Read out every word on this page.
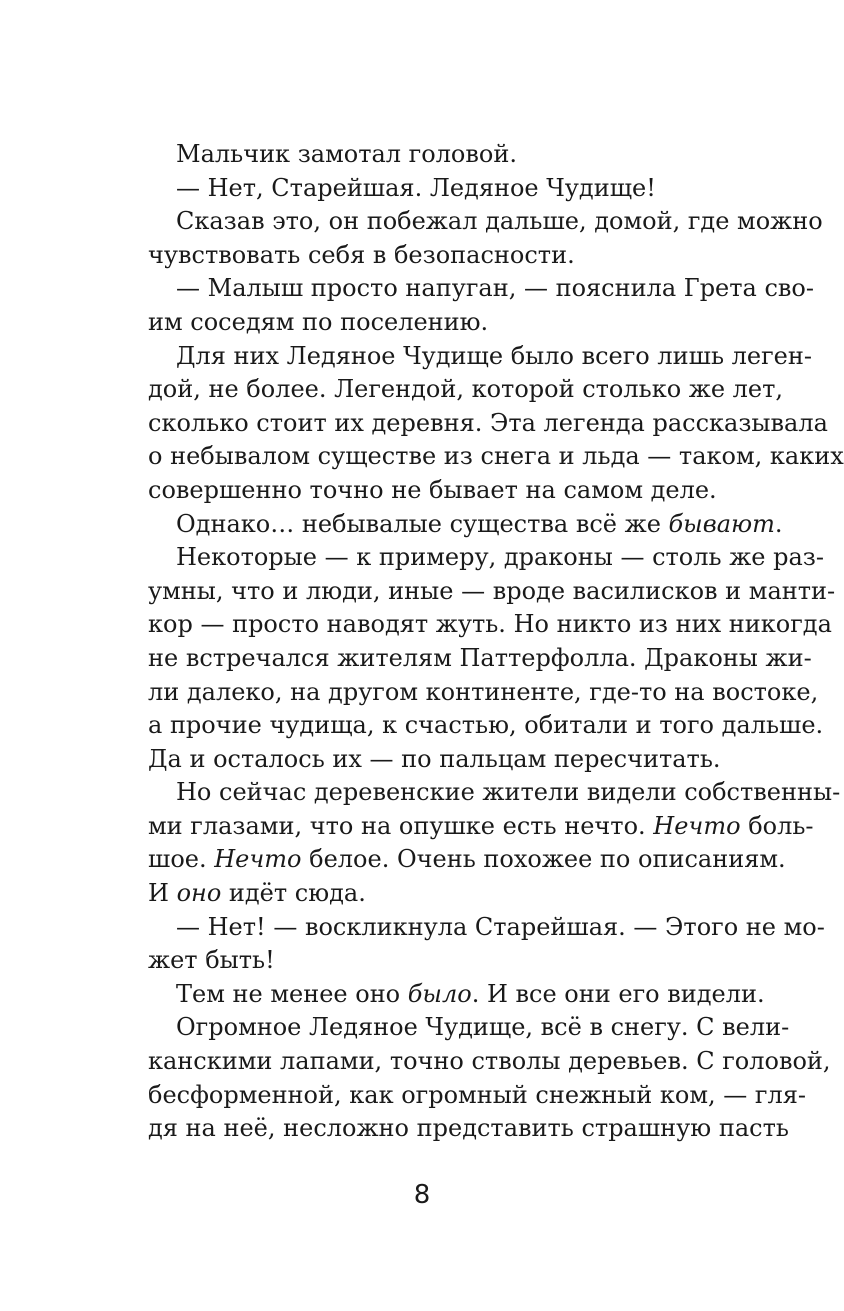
Мальчик замотал головой.
— Нет, Старейшая. Ледяное Чудище!
Сказав это, он побежал дальше, домой, где можно
чувствовать себя в безопасности.
— Малыш просто напуган, — пояснила Грета сво-
им соседям по поселению.
Для них Ледяное Чудище было всего лишь леген-
дой, не более. Легендой, которой столько же лет,
сколько стоит их деревня. Эта легенда рассказывала
о небывалом существе из снега и льда — таком, каких
совершенно точно не бывает на самом деле.
Однако… небывалые существа всё же бывают.
Некоторые — к примеру, драконы — столь же раз-
умны, что и люди, иные — вроде василисков и манти-
кор — просто наводят жуть. Но никто из них никогда
не встречался жителям Паттерфолла. Драконы жи-
ли далеко, на другом континенте, где-то на востоке,
а прочие чудища, к счастью, обитали и того дальше.
Да и осталось их — по пальцам пересчитать.
Но сейчас деревенские жители видели собственны-
ми глазами, что на опушке есть нечто. Нечто боль-
шое. Нечто белое. Очень похожее по описаниям.
И оно идёт сюда.
— Нет! — воскликнула Старейшая. — Этого не мо-
жет быть!
Тем не менее оно было. И все они его видели.
Огромное Ледяное Чудище, всё в снегу. С вели-
канскими лапами, точно стволы деревьев. С головой,
бесформенной, как огромный снежный ком, — гля-
дя на неё, несложно представить страшную пасть
8
